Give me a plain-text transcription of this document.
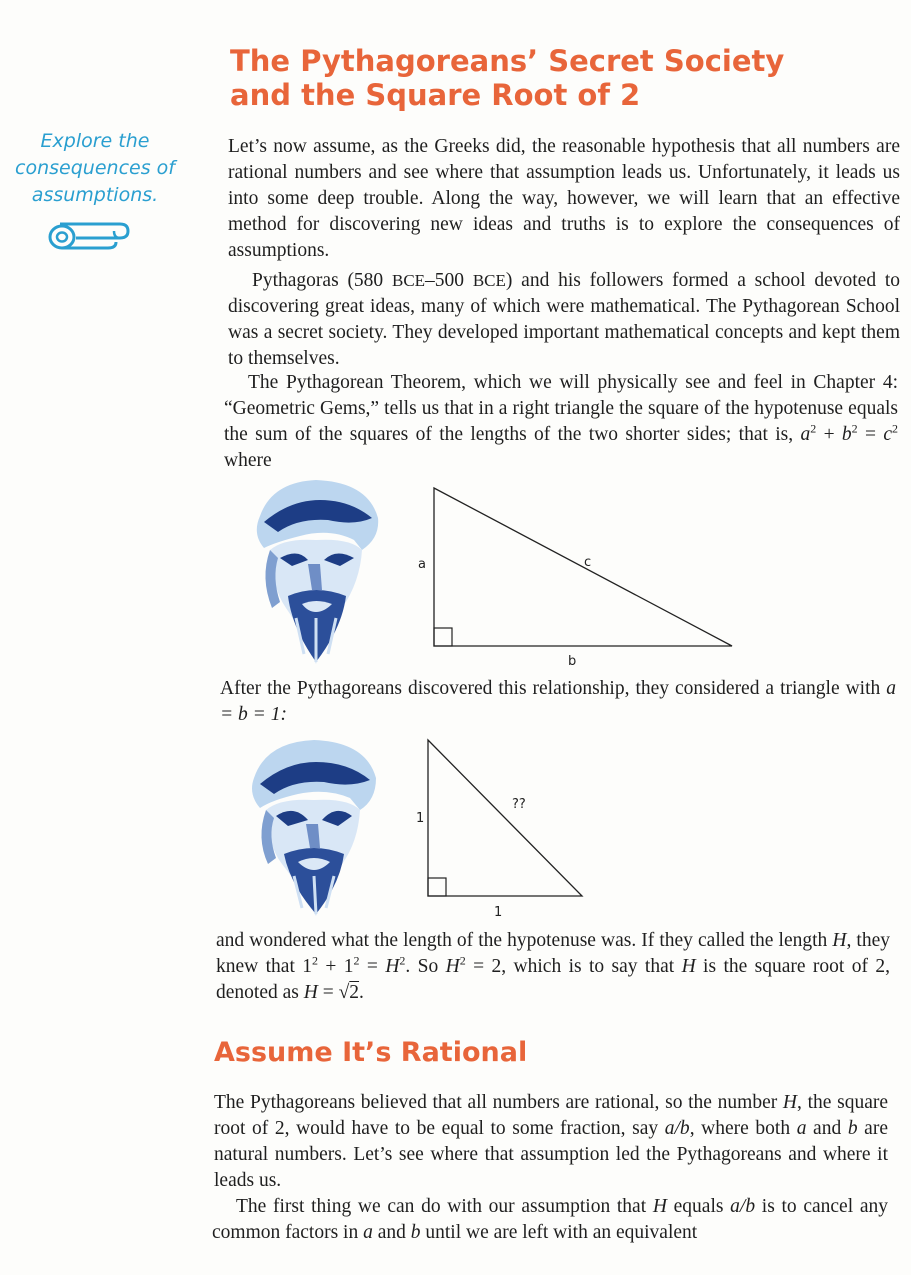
The Pythagoreans’ Secret Society and the Square Root of 2

Explore the consequences of assumptions.

Let’s now assume, as the Greeks did, the reasonable hypothesis that all numbers are rational numbers and see where that assumption leads us. Unfortunately, it leads us into some deep trouble. Along the way, however, we will learn that an effective method for discovering new ideas and truths is to explore the consequences of assumptions.

Pythagoras (580 BCE–500 BCE) and his followers formed a school devoted to discovering great ideas, many of which were mathematical. The Pythagorean School was a secret society. They developed important mathematical concepts and kept them to themselves.

The Pythagorean Theorem, which we will physically see and feel in Chapter 4: “Geometric Gems,” tells us that in a right triangle the square of the hypotenuse equals the sum of the squares of the lengths of the two shorter sides; that is, $a^2 + b^2 = c^2$ where

a	c
b

After the Pythagoreans discovered this relationship, they considered a triangle with a = b = 1:

1
??
1

and wondered what the length of the hypotenuse was. If they called the length H, they knew that $1^2 + 1^2 = H^2$. So $H^2 = 2$, which is to say that H is the square root of 2, denoted as H = √2.

Assume It’s Rational

The Pythagoreans believed that all numbers are rational, so the number H, the square root of 2, would have to be equal to some fraction, say a/b, where both a and b are natural numbers. Let’s see where that assumption led the Pythagoreans and where it leads us.

The first thing we can do with our assumption that H equals a/b is to cancel any common factors in a and b until we are left with an equivalent
